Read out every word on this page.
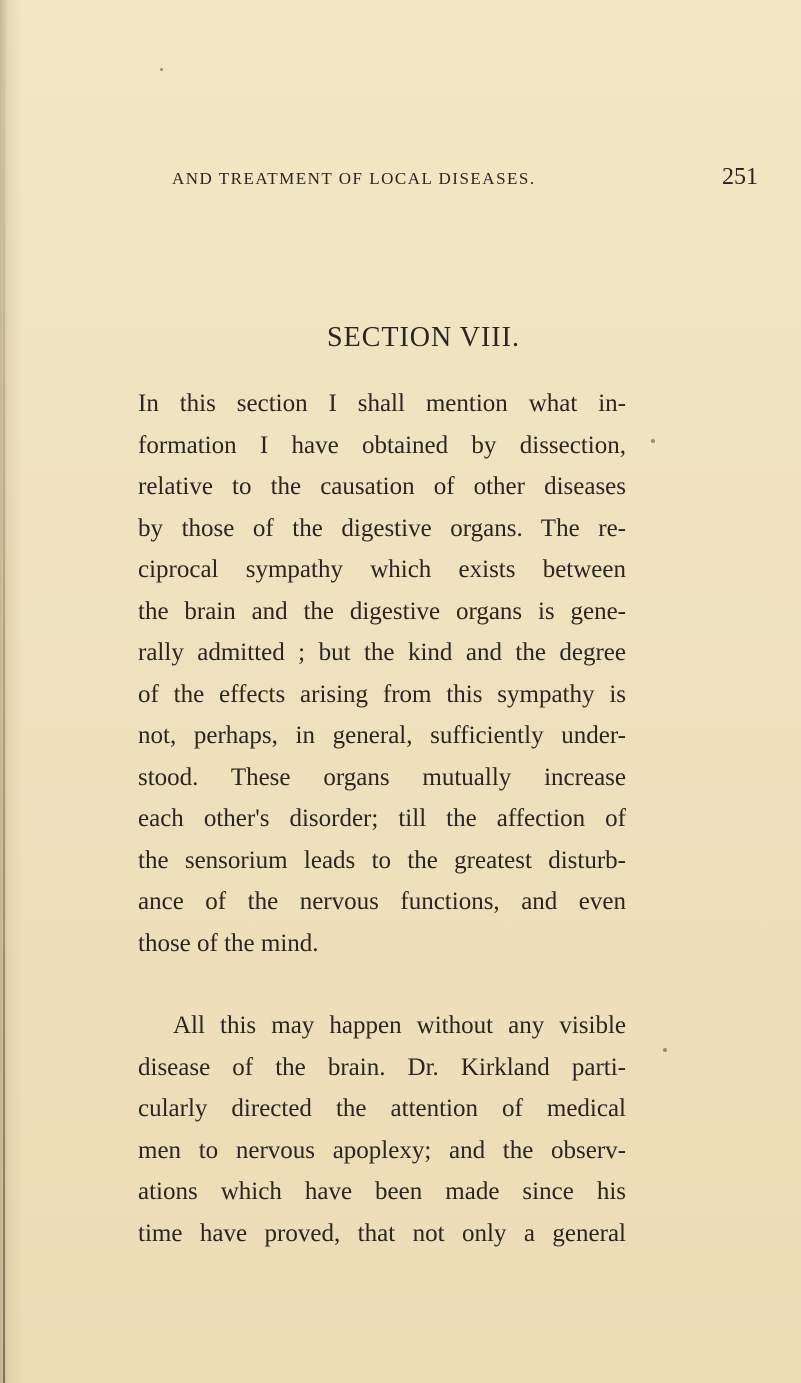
AND TREATMENT OF LOCAL DISEASES.	251
SECTION VIII.

In this section I shall mention what in-
formation I have obtained by dissection,
relative to the causation of other diseases
by those of the digestive organs. The re-
ciprocal sympathy which exists between
the brain and the digestive organs is gene-
rally admitted ; but the kind and the degree
of the effects arising from this sympathy is
not, perhaps, in general, sufficiently under-
stood. These organs mutually increase
each other's disorder; till the affection of
the sensorium leads to the greatest disturb-
ance of the nervous functions, and even
those of the mind.

All this may happen without any visible
disease of the brain. Dr. Kirkland parti-
cularly directed the attention of medical
men to nervous apoplexy; and the observ-
ations which have been made since his
time have proved, that not only a general
